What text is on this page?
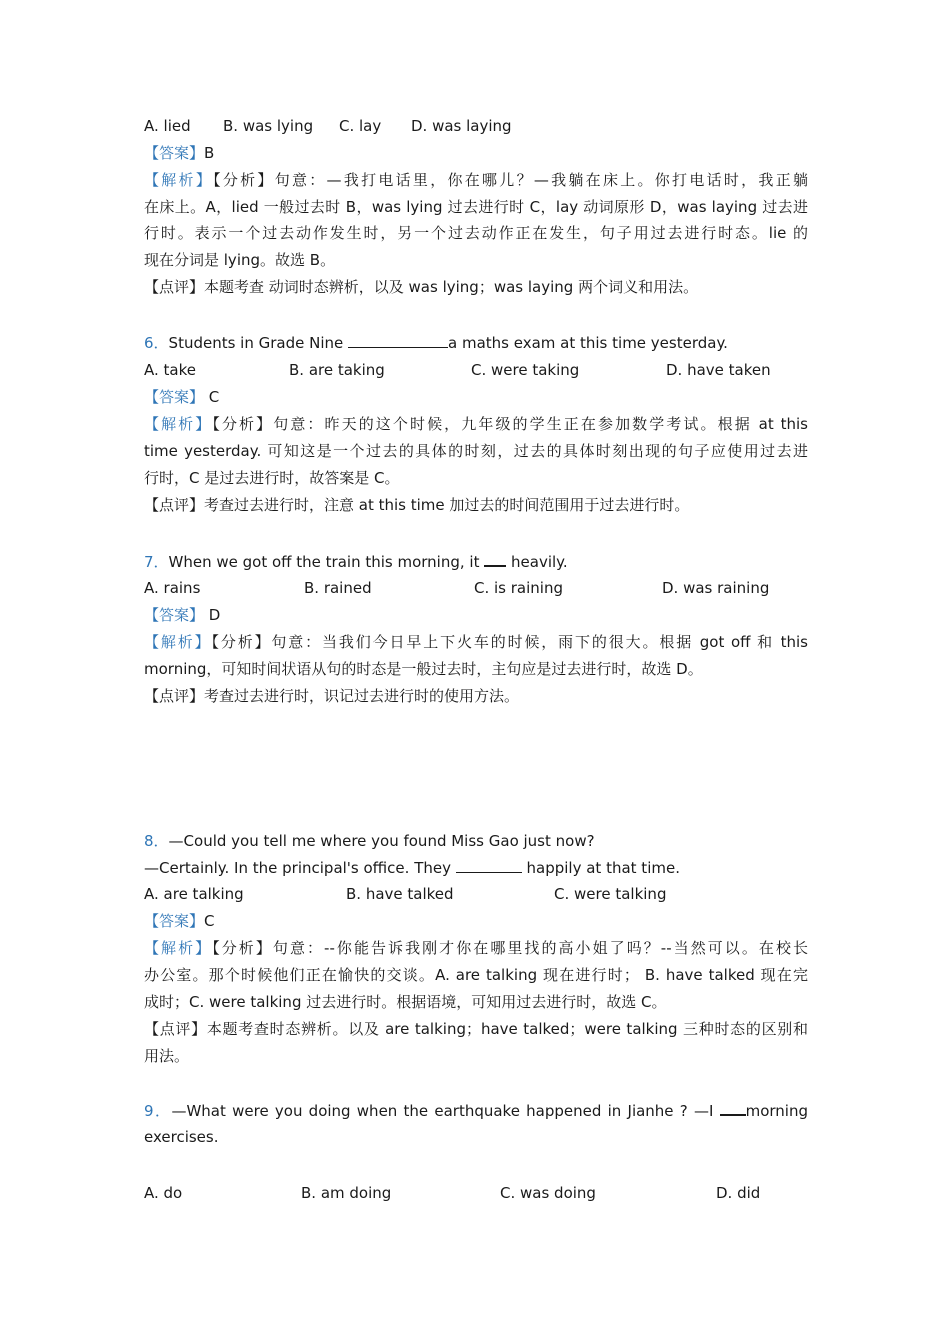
A. lied B. was lying C. lay D. was laying
【答案】B
【解析】【分析】句意：—我打电话里，你在哪儿？—我躺在床上。你打电话时，我正躺
在床上。A，lied 一般过去时 B，was lying 过去进行时 C，lay 动词原形 D，was laying 过去进
行时。表示一个过去动作发生时，另一个过去动作正在发生，句子用过去进行时态。lie 的
现在分词是 lying。故选 B。
【点评】本题考查 动词时态辨析，以及 was lying；was laying 两个词义和用法。
6．Students in Grade Nine	a maths exam at this time yesterday.
A. take	B. are taking	C. were taking	D. have taken
【答案】 C
【解析】【分析】句意：昨天的这个时候，九年级的学生正在参加数学考试。根据 at this
time yesterday. 可知这是一个过去的具体的时刻，过去的具体时刻出现的句子应使用过去进
行时，C 是过去进行时，故答案是 C。
【点评】考查过去进行时，注意 at this time 加过去的时间范围用于过去进行时。
7．When we got off the train this morning, it  heavily.
A. rains	B. rained	C. is raining	D. was raining
【答案】 D
【解析】【分析】句意：当我们今日早上下火车的时候，雨下的很大。根据 got off 和 this
morning，可知时间状语从句的时态是一般过去时，主句应是过去进行时，故选 D。
【点评】考查过去进行时，识记过去进行时的使用方法。
8．—Could you tell me where you found Miss Gao just now?
—Certainly. In the principal's office. They	happily at that time.
A. are talking	B. have talked	C. were talking
【答案】C
【解析】【分析】句意：--你能告诉我刚才你在哪里找的高小姐了吗？--当然可以。在校长
办公室。那个时候他们正在愉快的交谈。A. are talking 现在进行时； B. have talked 现在完
成时；C. were talking 过去进行时。根据语境，可知用过去进行时，故选 C。
【点评】本题考查时态辨析。以及 are talking；have talked；were talking 三种时态的区别和
用法。
9．—What were you doing when the earthquake happened in Jianhe ? —I morning
exercises.
A. do	B. am doing	C. was doing	D. did
